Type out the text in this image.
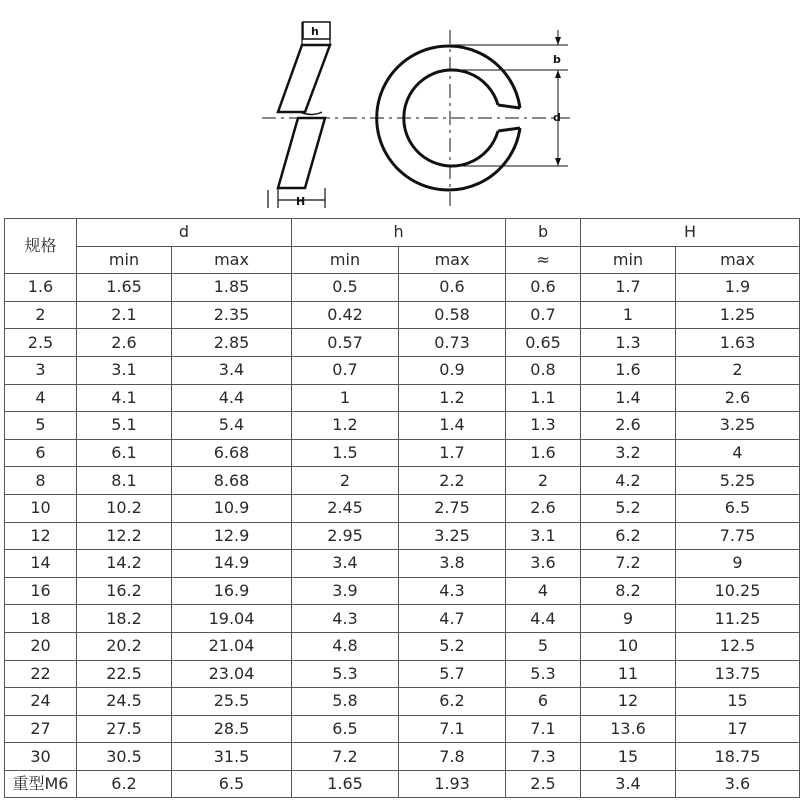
h
H
b
d
规格	d		h		b	H	
	min	max	min	max	≈	min	max
1.6	1.65	1.85	0.5	0.6	0.6	1.7	1.9
2	2.1	2.35	0.42	0.58	0.7	1	1.25
2.5	2.6	2.85	0.57	0.73	0.65	1.3	1.63
3	3.1	3.4	0.7	0.9	0.8	1.6	2
4	4.1	4.4	1	1.2	1.1	1.4	2.6
5	5.1	5.4	1.2	1.4	1.3	2.6	3.25
6	6.1	6.68	1.5	1.7	1.6	3.2	4
8	8.1	8.68	2	2.2	2	4.2	5.25
10	10.2	10.9	2.45	2.75	2.6	5.2	6.5
12	12.2	12.9	2.95	3.25	3.1	6.2	7.75
14	14.2	14.9	3.4	3.8	3.6	7.2	9
16	16.2	16.9	3.9	4.3	4	8.2	10.25
18	18.2	19.04	4.3	4.7	4.4	9	11.25
20	20.2	21.04	4.8	5.2	5	10	12.5
22	22.5	23.04	5.3	5.7	5.3	11	13.75
24	24.5	25.5	5.8	6.2	6	12	15
27	27.5	28.5	6.5	7.1	7.1	13.6	17
30	30.5	31.5	7.2	7.8	7.3	15	18.75
重型M6	6.2	6.5	1.65	1.93	2.5	3.4	3.6
